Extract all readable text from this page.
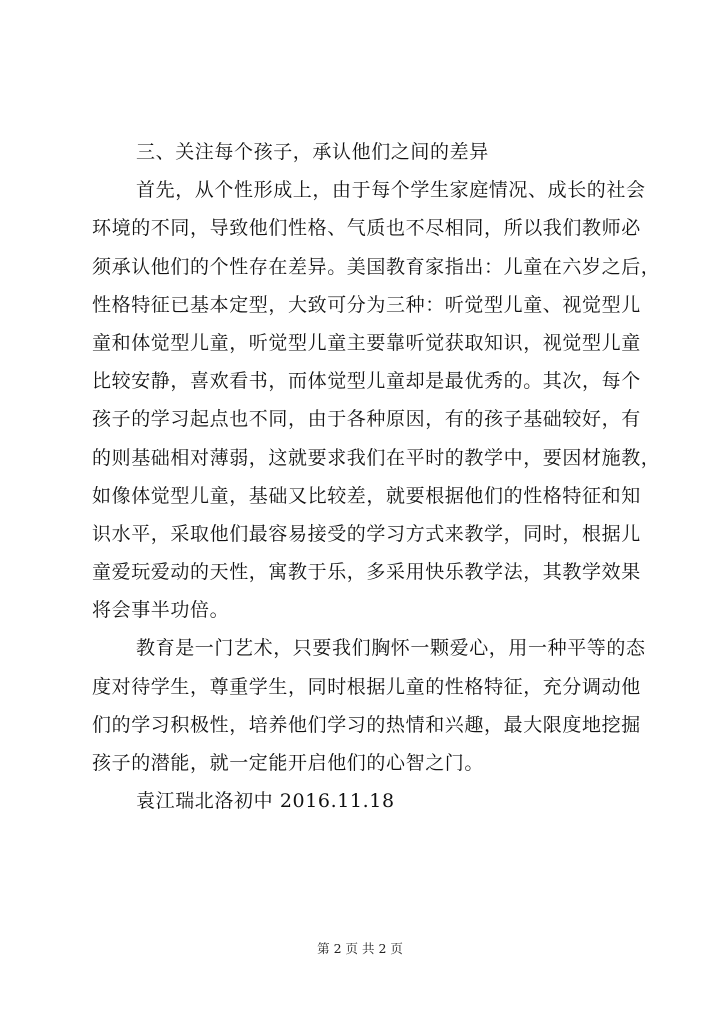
三、关注每个孩子，承认他们之间的差异
首先，从个性形成上，由于每个学生家庭情况、成长的社会
环境的不同，导致他们性格、气质也不尽相同，所以我们教师必
须承认他们的个性存在差异。美国教育家指出：儿童在六岁之后，
性格特征已基本定型，大致可分为三种：听觉型儿童、视觉型儿
童和体觉型儿童，听觉型儿童主要靠听觉获取知识，视觉型儿童
比较安静，喜欢看书，而体觉型儿童却是最优秀的。其次，每个
孩子的学习起点也不同，由于各种原因，有的孩子基础较好，有
的则基础相对薄弱，这就要求我们在平时的教学中，要因材施教，
如像体觉型儿童，基础又比较差，就要根据他们的性格特征和知
识水平，采取他们最容易接受的学习方式来教学，同时，根据儿
童爱玩爱动的天性，寓教于乐，多采用快乐教学法，其教学效果
将会事半功倍。
教育是一门艺术，只要我们胸怀一颗爱心，用一种平等的态
度对待学生，尊重学生，同时根据儿童的性格特征，充分调动他
们的学习积极性，培养他们学习的热情和兴趣，最大限度地挖掘
孩子的潜能，就一定能开启他们的心智之门。
袁江瑞北洛初中 2016.11.18
第 2 页 共 2 页
